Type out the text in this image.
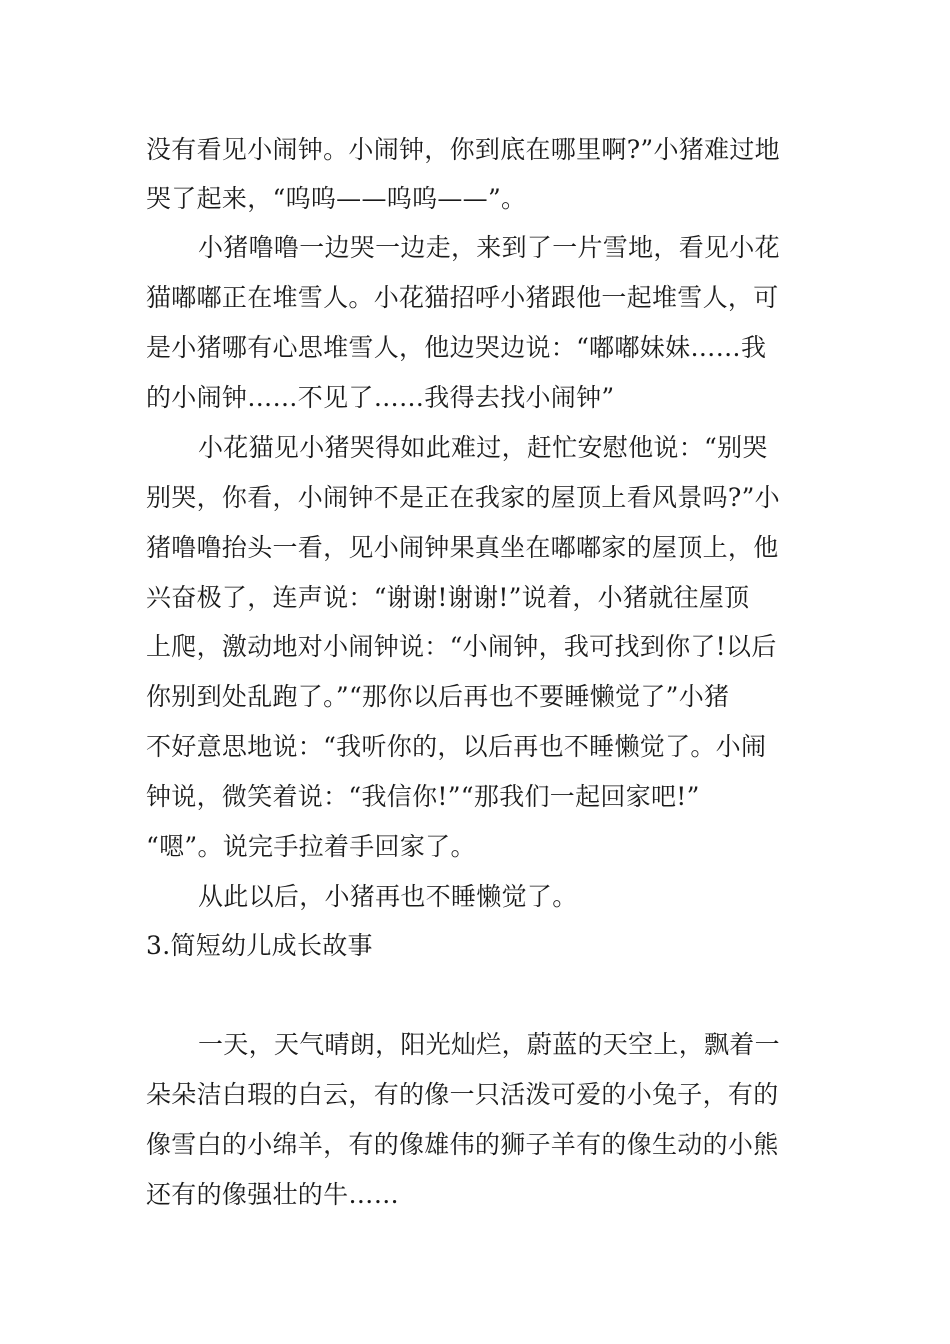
没有看见小闹钟。小闹钟，你到底在哪里啊?”小猪难过地
哭了起来，“呜呜——呜呜——”。
小猪噜噜一边哭一边走，来到了一片雪地，看见小花
猫嘟嘟正在堆雪人。小花猫招呼小猪跟他一起堆雪人，可
是小猪哪有心思堆雪人，他边哭边说：“嘟嘟妹妹……我
的小闹钟……不见了……我得去找小闹钟”
小花猫见小猪哭得如此难过，赶忙安慰他说：“别哭
别哭，你看，小闹钟不是正在我家的屋顶上看风景吗?”小
猪噜噜抬头一看，见小闹钟果真坐在嘟嘟家的屋顶上，他
兴奋极了，连声说：“谢谢!谢谢!”说着，小猪就往屋顶
上爬，激动地对小闹钟说：“小闹钟，我可找到你了!以后
你别到处乱跑了。”“那你以后再也不要睡懒觉了”小猪
不好意思地说：“我听你的，以后再也不睡懒觉了。小闹
钟说，微笑着说：“我信你!”“那我们一起回家吧!”
“嗯”。说完手拉着手回家了。
从此以后，小猪再也不睡懒觉了。
3.简短幼儿成长故事
一天，天气晴朗，阳光灿烂，蔚蓝的天空上，飘着一
朵朵洁白瑕的白云，有的像一只活泼可爱的小兔子，有的
像雪白的小绵羊，有的像雄伟的狮子羊有的像生动的小熊
还有的像强壮的牛……
